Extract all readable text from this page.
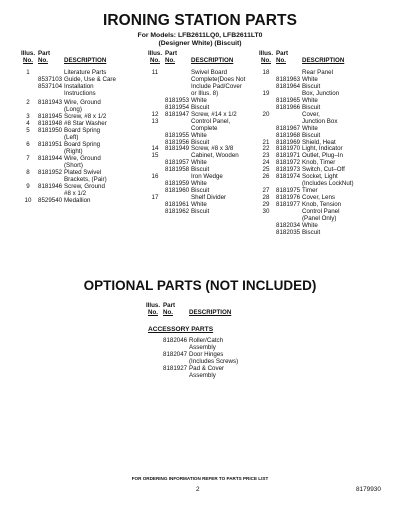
IRONING STATION PARTS
For Models: LFB2611LQ0, LFB2611LT0
(Designer White) (Biscuit)
Illus. Part
No. No.	DESCRIPTION
Illus. Part
No. No.	DESCRIPTION
Illus. Part
No. No.	DESCRIPTION
1	Literature Parts
8537103 Guide, Use & Care
8537104 Installation
Instructions
2	8181943 Wire, Ground
(Long)
3	8181945 Screw, #8 x 1/2
4	8181948 #8 Star Washer
5	8181950 Board Spring
(Left)
6	8181951 Board Spring
(Right)
7	8181944 Wire, Ground
(Short)
8	8181952 Plated Swivel
Brackets, (Pair)
9	8181946 Screw, Ground
#8 x 1/2
10	8529540 Medallion
11	Swivel Board
Complete(Does Not
Include Pad/Cover
or Illus. 8)
8181953 White
8181954 Biscuit
12	8181947 Screw, #14 x 1/2
13	Control Panel,
Complete
8181955 White
8181956 Biscuit
14	8181949 Screw, #8 x 3/8
15	Cabinet, Wooden
8181957 White
8181958 Biscuit
16	Iron Wedge
8181959 White
8181960 Biscuit
17	Shelf Divider
8181961 White
8181962 Biscuit
18	Rear Panel
8181963 White
8181964 Biscuit
19	Box, Junction
8181965 White
8181966 Biscuit
20	Cover,
Junction Box
8181967 White
8181968 Biscuit
21	8181969 Shield, Heat
22	8181970 Light, Indicator
23	8181971 Outlet, Plug–In
24	8181972 Knob, Timer
25	8181973 Switch, Cut–Off
26	8181974 Socket, Light
(Includes LockNut)
27	8181975 Timer
28	8181976 Cover, Lens
29	8181977 Knob, Tension
30	Control Panel
(Panel Only)
8182034 White
8182035 Biscuit
OPTIONAL PARTS (NOT INCLUDED)
Illus. Part
No. No.	DESCRIPTION
ACCESSORY PARTS
8182046 Roller/Catch
Assembly
8182047 Door Hinges
(Includes Screws)
8181927 Pad & Cover
Assembly
FOR ORDERING INFORMATION REFER TO PARTS PRICE LIST
2	8179930
